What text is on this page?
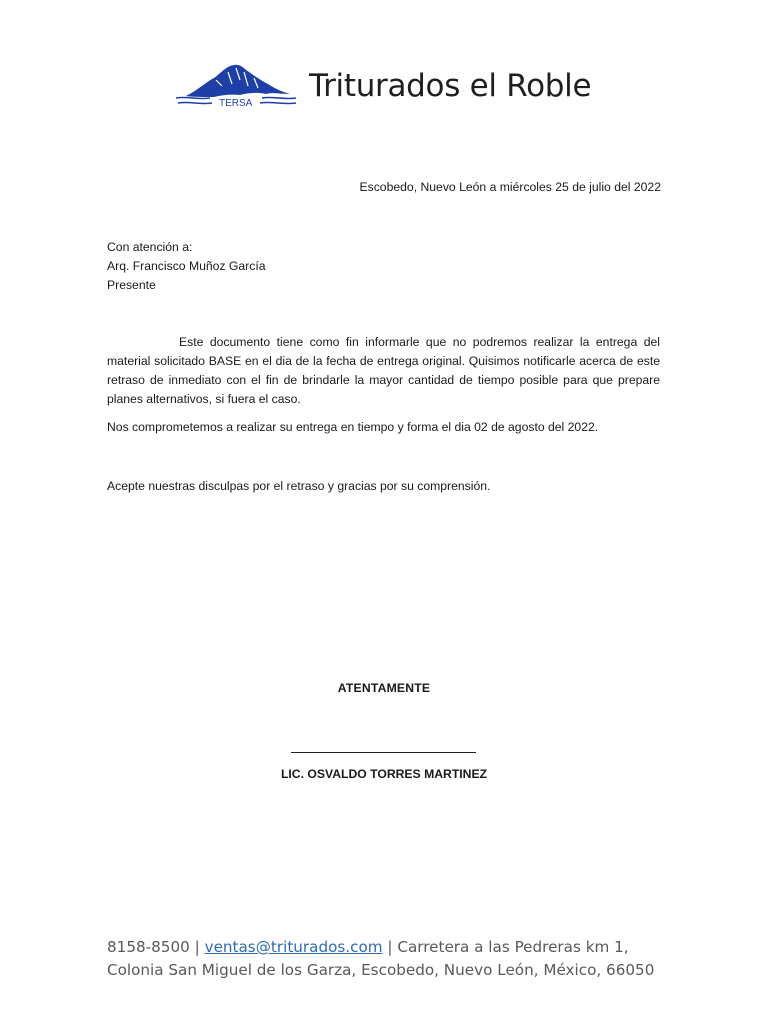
TERSA Triturados el Roble
Escobedo, Nuevo León a miércoles 25 de julio del 2022
Con atención a:
Arq. Francisco Muñoz García
Presente
Este documento tiene como fin informarle que no podremos realizar la entrega del material solicitado BASE en el dia de la fecha de entrega original. Quisimos notificarle acerca de este retraso de inmediato con el fin de brindarle la mayor cantidad de tiempo posible para que prepare planes alternativos, si fuera el caso.
Nos comprometemos a realizar su entrega en tiempo y forma el dia 02 de agosto del 2022.
Acepte nuestras disculpas por el retraso y gracias por su comprensión.
ATENTAMENTE
LIC. OSVALDO TORRES MARTINEZ
8158-8500 | ventas@triturados.com | Carretera a las Pedreras km 1,
Colonia San Miguel de los Garza, Escobedo, Nuevo León, México, 66050
